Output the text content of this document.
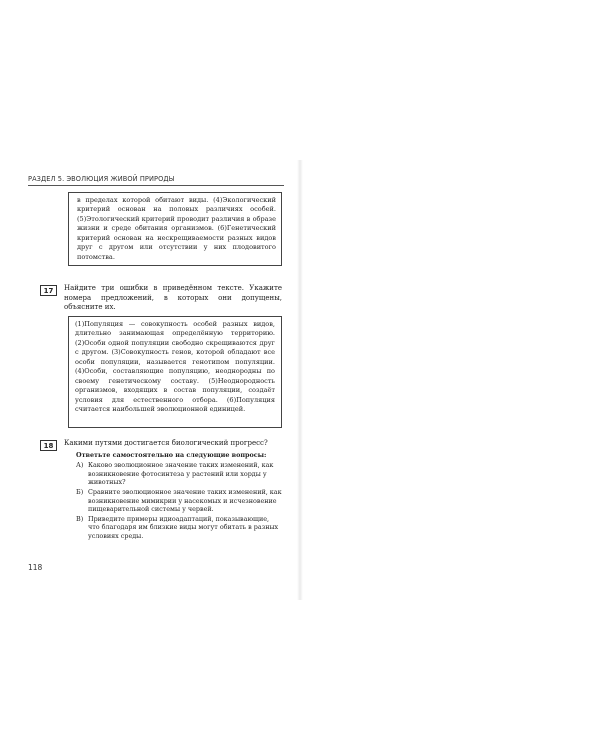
РАЗДЕЛ 5. ЭВОЛЮЦИЯ ЖИВОЙ ПРИРОДЫ

в пределах которой обитают виды. (4)Экологический критерий основан на половых различиях особей. (5)Этологический критерий проводит различия в образе жизни и среде обитания организмов. (6)Генетический критерий основан на нескрещиваемости разных видов друг с другом или отсутствии у них плодовитого потомства.

17	Найдите три ошибки в приведённом тексте. Укажите номера предложений, в которых они допущены, объясните их.

(1)Популяция — совокупность особей разных видов, длительно занимающая определённую территорию. (2)Особи одной популяции свободно скрещиваются друг с другом. (3)Совокупность генов, которой обладают все особи популяции, называется генотипом популяции. (4)Особи, составляющие популяцию, неоднородны по своему генетическому составу. (5)Неоднородность организмов, входящих в состав популяции, создаёт условия для естественного отбора. (6)Популяция считается наибольшей эволюционной единицей.

18	Какими путями достигается биологический прогресс?
Ответьте самостоятельно на следующие вопросы:
А) Каково эволюционное значение таких изменений, как возникновение фотосинтеза у растений или хорды у животных?
Б) Сравните эволюционное значение таких изменений, как возникновение мимикрии у насекомых и исчезновение пищеварительной системы у червей.
В) Приведите примеры идиоадаптаций, показывающие, что благодаря им близкие виды могут обитать в разных условиях среды.
118
